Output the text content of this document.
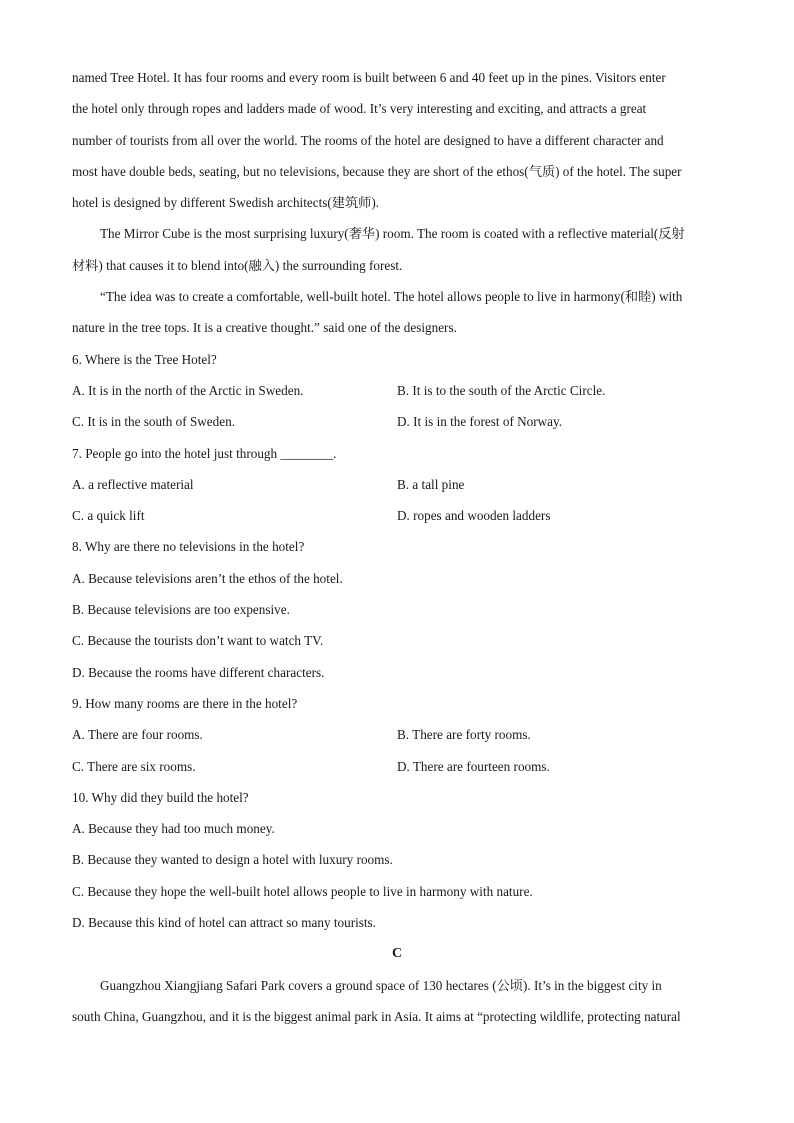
named Tree Hotel. It has four rooms and every room is built between 6 and 40 feet up in the pines. Visitors enter
the hotel only through ropes and ladders made of wood. It’s very interesting and exciting, and attracts a great
number of tourists from all over the world. The rooms of the hotel are designed to have a different character and
most have double beds, seating, but no televisions, because they are short of the ethos(气质) of the hotel. The super
hotel is designed by different Swedish architects(建筑师).
The Mirror Cube is the most surprising luxury(奢华) room. The room is coated with a reflective material(反射
材料) that causes it to blend into(融入) the surrounding forest.
“The idea was to create a comfortable, well-built hotel. The hotel allows people to live in harmony(和睦) with
nature in the tree tops. It is a creative thought.” said one of the designers.
6. Where is the Tree Hotel?
A. It is in the north of the Arctic in Sweden.	B. It is to the south of the Arctic Circle.
C. It is in the south of Sweden.	D. It is in the forest of Norway.
7. People go into the hotel just through ________.
A. a reflective material	B. a tall pine
C. a quick lift	D. ropes and wooden ladders
8. Why are there no televisions in the hotel?
A. Because televisions aren’t the ethos of the hotel.
B. Because televisions are too expensive.
C. Because the tourists don’t want to watch TV.
D. Because the rooms have different characters.
9. How many rooms are there in the hotel?
A. There are four rooms.	B. There are forty rooms.
C. There are six rooms.	D. There are fourteen rooms.
10. Why did they build the hotel?
A. Because they had too much money.
B. Because they wanted to design a hotel with luxury rooms.
C. Because they hope the well-built hotel allows people to live in harmony with nature.
D. Because this kind of hotel can attract so many tourists.
C
Guangzhou Xiangjiang Safari Park covers a ground space of 130 hectares (公顷). It’s in the biggest city in
south China, Guangzhou, and it is the biggest animal park in Asia. It aims at “protecting wildlife, protecting natural
